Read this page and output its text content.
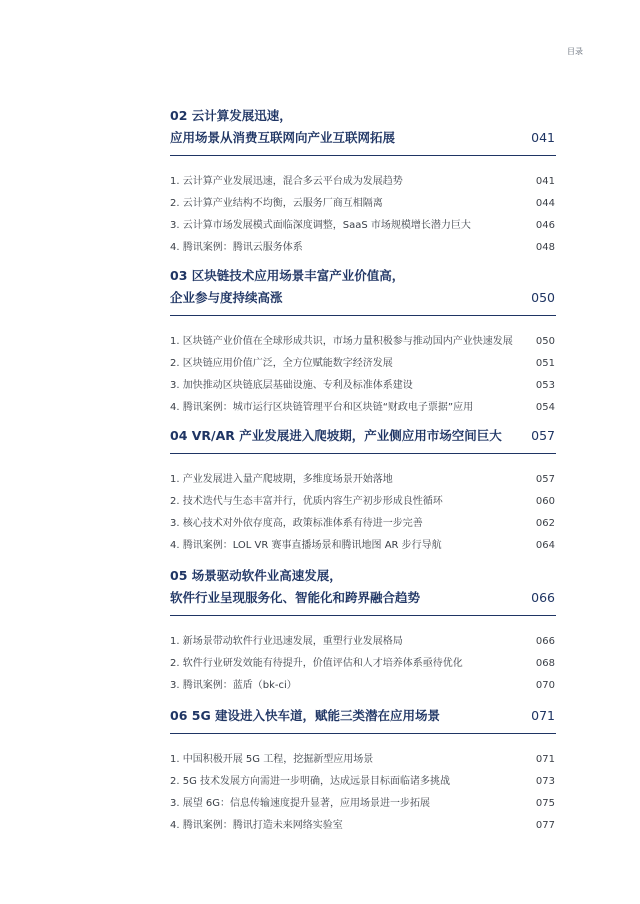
目录
02 云计算发展迅速，
应用场景从消费互联网向产业互联网拓展	041
1. 云计算产业发展迅速，混合多云平台成为发展趋势	041
2. 云计算产业结构不均衡，云服务厂商互相隔离	044
3. 云计算市场发展模式面临深度调整，SaaS 市场规模增长潜力巨大	046
4. 腾讯案例：腾讯云服务体系	048
03 区块链技术应用场景丰富产业价值高，
企业参与度持续高涨	050
1. 区块链产业价值在全球形成共识，市场力量积极参与推动国内产业快速发展 050
2. 区块链应用价值广泛，全方位赋能数字经济发展	051
3. 加快推动区块链底层基础设施、专利及标准体系建设	053
4. 腾讯案例：城市运行区块链管理平台和区块链“财政电子票据”应用	054
04 VR/AR 产业发展进入爬坡期，产业侧应用市场空间巨大	057
1. 产业发展进入量产爬坡期，多维度场景开始落地	057
2. 技术迭代与生态丰富并行，优质内容生产初步形成良性循环	060
3. 核心技术对外依存度高，政策标准体系有待进一步完善	062
4. 腾讯案例：LOL VR 赛事直播场景和腾讯地图 AR 步行导航	064
05 场景驱动软件业高速发展，
软件行业呈现服务化、智能化和跨界融合趋势	066
1. 新场景带动软件行业迅速发展，重塑行业发展格局	066
2. 软件行业研发效能有待提升，价值评估和人才培养体系亟待优化	068
3. 腾讯案例：蓝盾（bk-ci）	070
06 5G 建设进入快车道，赋能三类潜在应用场景	071
1. 中国积极开展 5G 工程，挖掘新型应用场景	071
2. 5G 技术发展方向需进一步明确，达成远景目标面临诸多挑战	073
3. 展望 6G：信息传输速度提升显著，应用场景进一步拓展	075
4. 腾讯案例：腾讯打造未来网络实验室	077
